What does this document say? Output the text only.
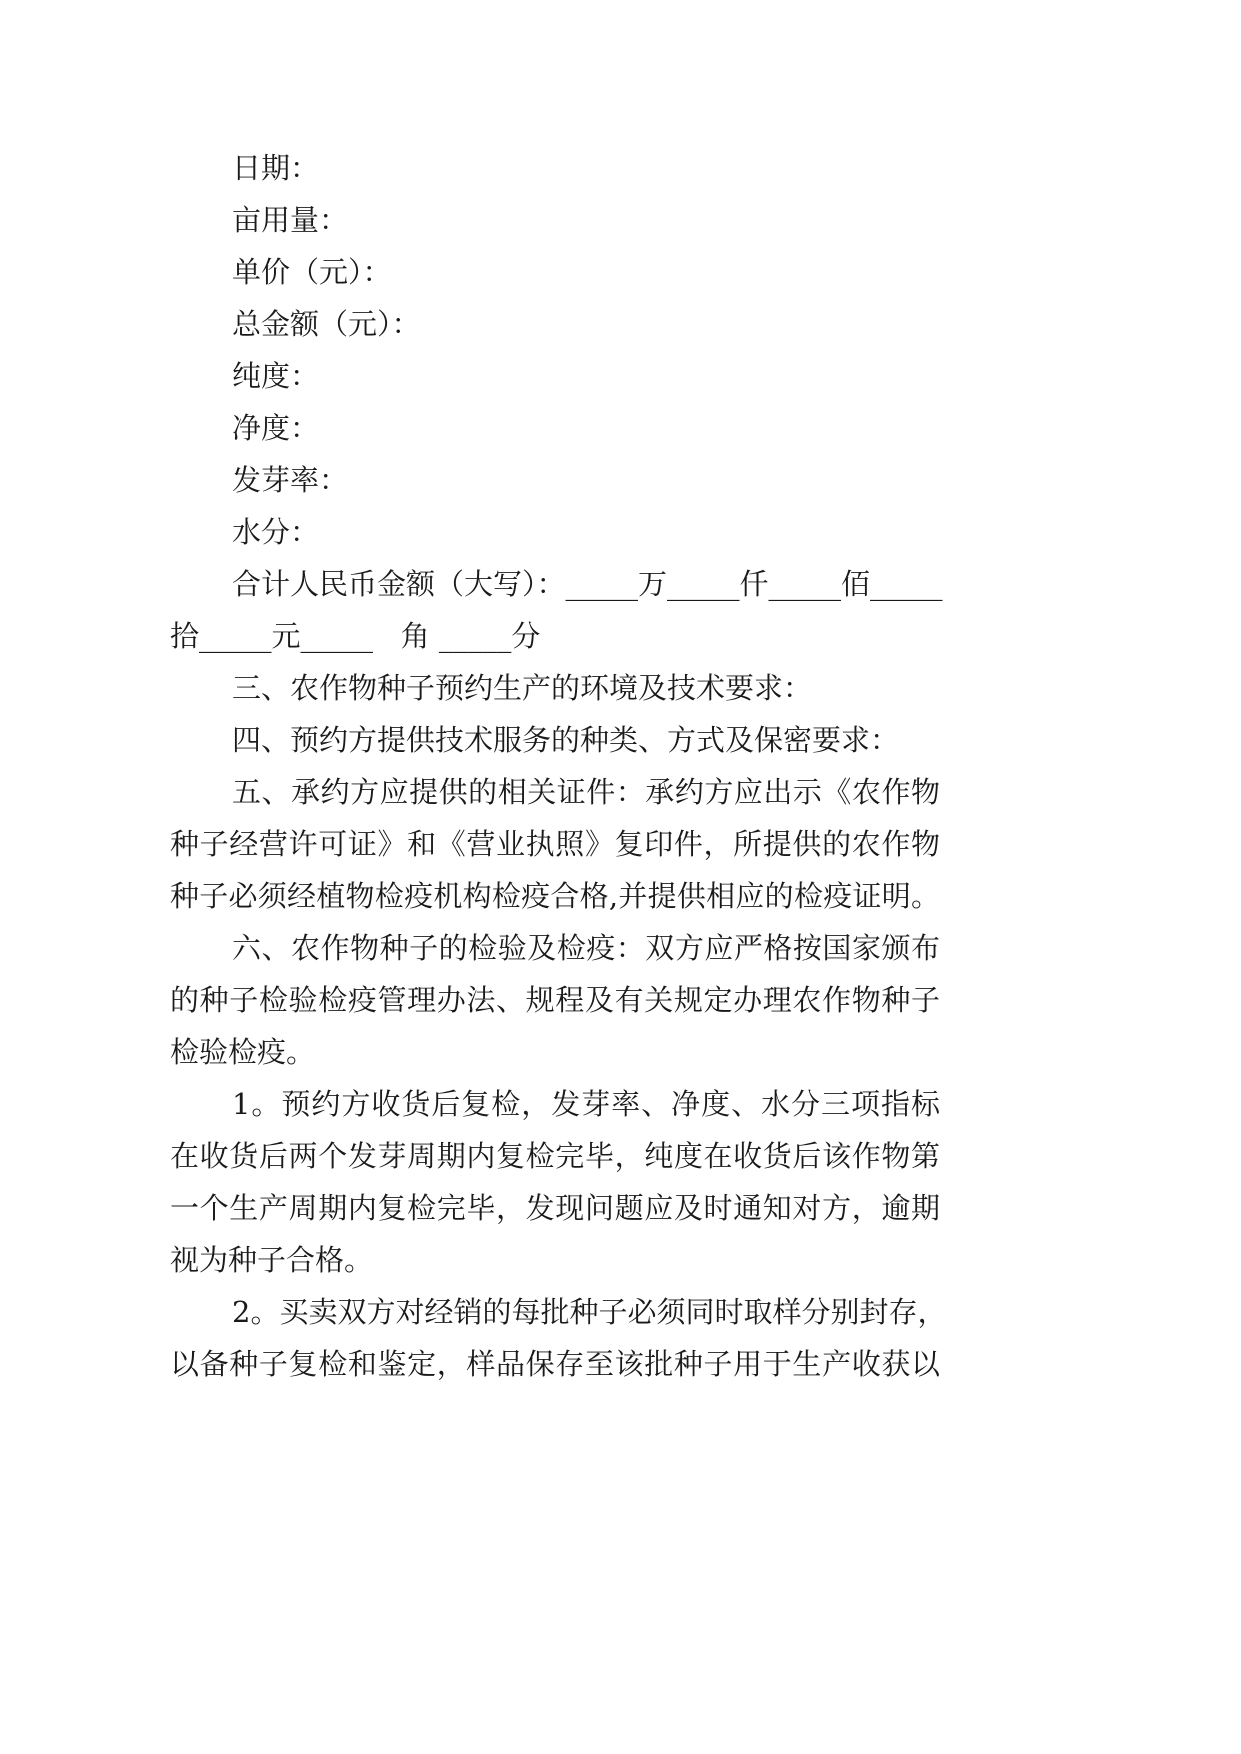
日期：
亩用量：
单价（元）：
总金额（元）：
纯度：
净度：
发芽率：
水分：
合计人民币金额（大写）：_____万_____仟_____佰_____
拾_____元_____   角 _____分
三、农作物种子预约生产的环境及技术要求：
四、预约方提供技术服务的种类、方式及保密要求：
五、承约方应提供的相关证件：承约方应出示《农作物
种子经营许可证》和《营业执照》复印件，所提供的农作物
种子必须经植物检疫机构检疫合格,并提供相应的检疫证明。
六、农作物种子的检验及检疫：双方应严格按国家颁布
的种子检验检疫管理办法、规程及有关规定办理农作物种子
检验检疫。
1。预约方收货后复检，发芽率、净度、水分三项指标
在收货后两个发芽周期内复检完毕，纯度在收货后该作物第
一个生产周期内复检完毕，发现问题应及时通知对方，逾期
视为种子合格。
2。买卖双方对经销的每批种子必须同时取样分别封存，
以备种子复检和鉴定，样品保存至该批种子用于生产收获以
